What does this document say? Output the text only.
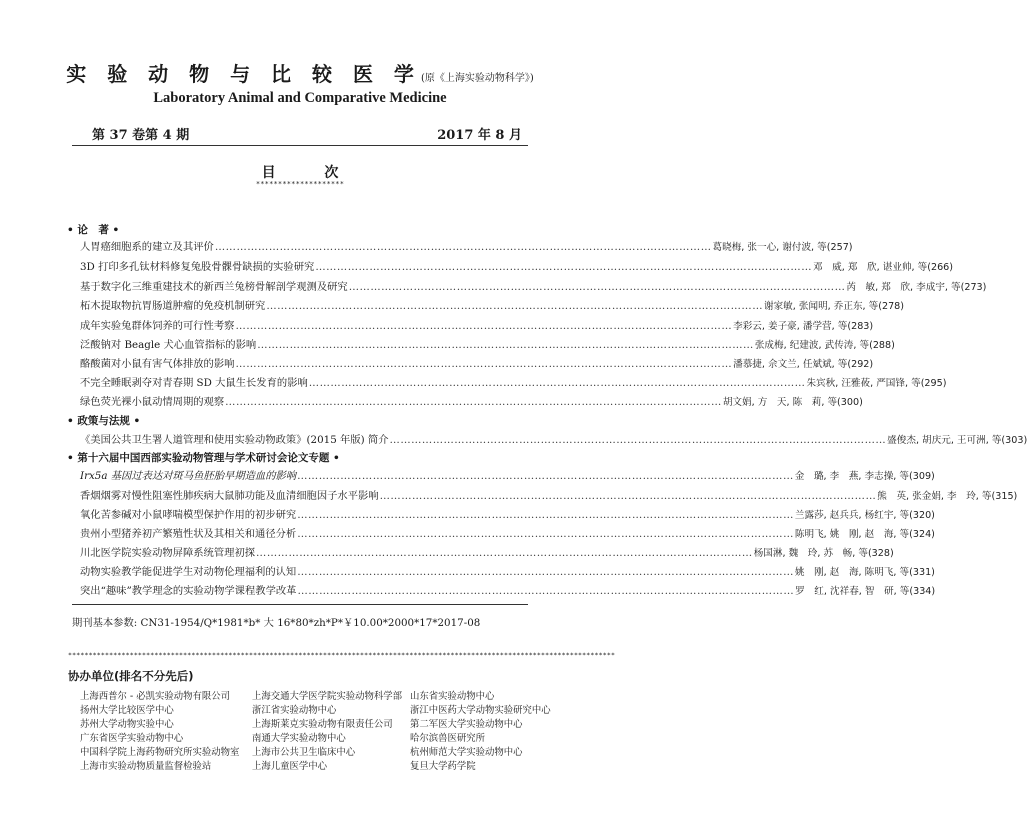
实 验 动 物 与 比 较 医 学(原《上海实验动物科学》)
Laboratory Animal and Comparative Medicine
第 37 卷第 4 期	2017 年 8 月
目 次
********************
• 论　著 •
人胃癌细胞系的建立及其评价 ………………………………………………………………………………………………………………………… 葛晓梅, 张一心, 谢付波, 等(257)
3D 打印多孔钛材料修复兔股骨髁骨缺损的实验研究 ………………………………………………………………………………………………………………………… 邓　威, 郑　欣, 谌业帅, 等(266)
基于数字化三维重建技术的新西兰兔榜骨解剖学观测及研究 ………………………………………………………………………………………………………………………… 芮　敏, 郑　欣, 李成宇, 等(273)
柘木提取物抗胃肠道肿瘤的免疫机制研究 ………………………………………………………………………………………………………………………… 谢家敏, 张闻明, 乔正东, 等(278)
成年实验兔群体饲养的可行性考察 ………………………………………………………………………………………………………………………… 李彩云, 姜子豪, 潘学营, 等(283)
泛酸钠对 Beagle 犬心血管指标的影响 ………………………………………………………………………………………………………………………… 张成梅, 纪建波, 武传涛, 等(288)
酪酸菌对小鼠有害气体排放的影响 ………………………………………………………………………………………………………………………… 潘慕捷, 佘文兰, 任斌斌, 等(292)
不完全睡眠剥夺对青春期 SD 大鼠生长发育的影响 ………………………………………………………………………………………………………………………… 朱宾秋, 汪雅莜, 严国锋, 等(295)
绿色荧光裸小鼠动情周期的观察 ………………………………………………………………………………………………………………………… 胡文娟, 方　天, 陈　莉, 等(300)
• 政策与法规 •
《美国公共卫生署人道管理和使用实验动物政策》(2015 年版) 简介 ………………………………………………………………………………………………………………………… 盛俊杰, 胡庆元, 王可洲, 等(303)
• 第十六届中国西部实验动物管理与学术研讨会论文专题 •
Irx5a 基因过表达对斑马鱼胚胎早期造血的影响 ………………………………………………………………………………………………………………………… 金　璐, 李　燕, 李志操, 等(309)
香烟烟雾对慢性阻塞性肺疾病大鼠肺功能及血清细胞因子水平影响 ………………………………………………………………………………………………………………………… 熊　英, 张金娟, 李　玲, 等(315)
氧化苦参碱对小鼠哮喘模型保护作用的初步研究 ………………………………………………………………………………………………………………………… 兰露莎, 赵兵兵, 杨红宇, 等(320)
贵州小型猪养初产繁殖性状及其相关和通径分析 ………………………………………………………………………………………………………………………… 陈明飞, 姚　刚, 赵　海, 等(324)
川北医学院实验动物屏障系统管理初探 ………………………………………………………………………………………………………………………… 杨国淋, 魏　玲, 苏　畅, 等(328)
动物实验教学能促进学生对动物伦理福利的认知 ………………………………………………………………………………………………………………………… 姚　刚, 赵　海, 陈明飞, 等(331)
突出“趣味”教学理念的实验动物学课程教学改革 ………………………………………………………………………………………………………………………… 罗　红, 沈祥春, 智　研, 等(334)
期刊基本参数: CN31-1954/Q*1981*b* 大 16*80*zh*P*￥10.00*2000*17*2017-08
*************************************************************************************************************************************
协办单位(排名不分先后)
上海西普尔 - 必凯实验动物有限公司
扬州大学比较医学中心
苏州大学动物实验中心
广东省医学实验动物中心
中国科学院上海药物研究所实验动物室
上海市实验动物质量监督检验站
上海交通大学医学院实验动物科学部
浙江省实验动物中心
上海斯莱克实验动物有限责任公司
南通大学实验动物中心
上海市公共卫生临床中心
上海儿童医学中心
山东省实验动物中心
浙江中医药大学动物实验研究中心
第二军医大学实验动物中心
哈尔滨兽医研究所
杭州师范大学实验动物中心
复旦大学药学院
